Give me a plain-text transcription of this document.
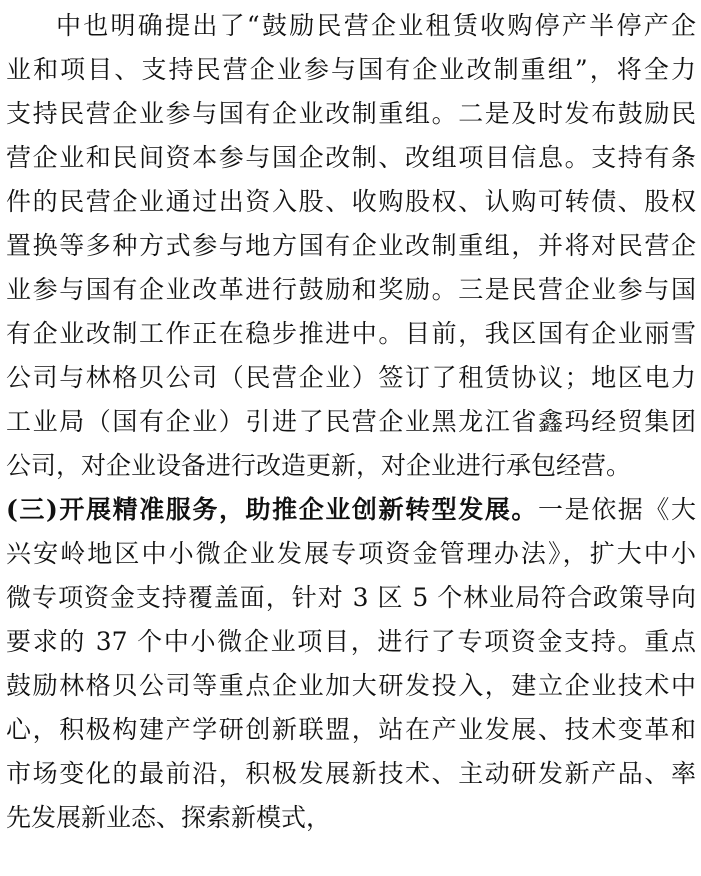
中也明确提出了“鼓励民营企业租赁收购停产半停产企
业和项目、支持民营企业参与国有企业改制重组”，将全力
支持民营企业参与国有企业改制重组。二是及时发布鼓励民
营企业和民间资本参与国企改制、改组项目信息。支持有条
件的民营企业通过出资入股、收购股权、认购可转债、股权
置换等多种方式参与地方国有企业改制重组，并将对民营企
业参与国有企业改革进行鼓励和奖励。三是民营企业参与国
有企业改制工作正在稳步推进中。目前，我区国有企业丽雪
公司与林格贝公司（民营企业）签订了租赁协议；地区电力
工业局（国有企业）引进了民营企业黑龙江省鑫玛经贸集团
公司，对企业设备进行改造更新，对企业进行承包经营。
(三)开展精准服务，助推企业创新转型发展。一是依据《大
兴安岭地区中小微企业发展专项资金管理办法》，扩大中小
微专项资金支持覆盖面，针对 3 区 5 个林业局符合政策导向
要求的 37 个中小微企业项目，进行了专项资金支持。重点
鼓励林格贝公司等重点企业加大研发投入，建立企业技术中
心，积极构建产学研创新联盟，站在产业发展、技术变革和
市场变化的最前沿，积极发展新技术、主动研发新产品、率
先发展新业态、探索新模式，
